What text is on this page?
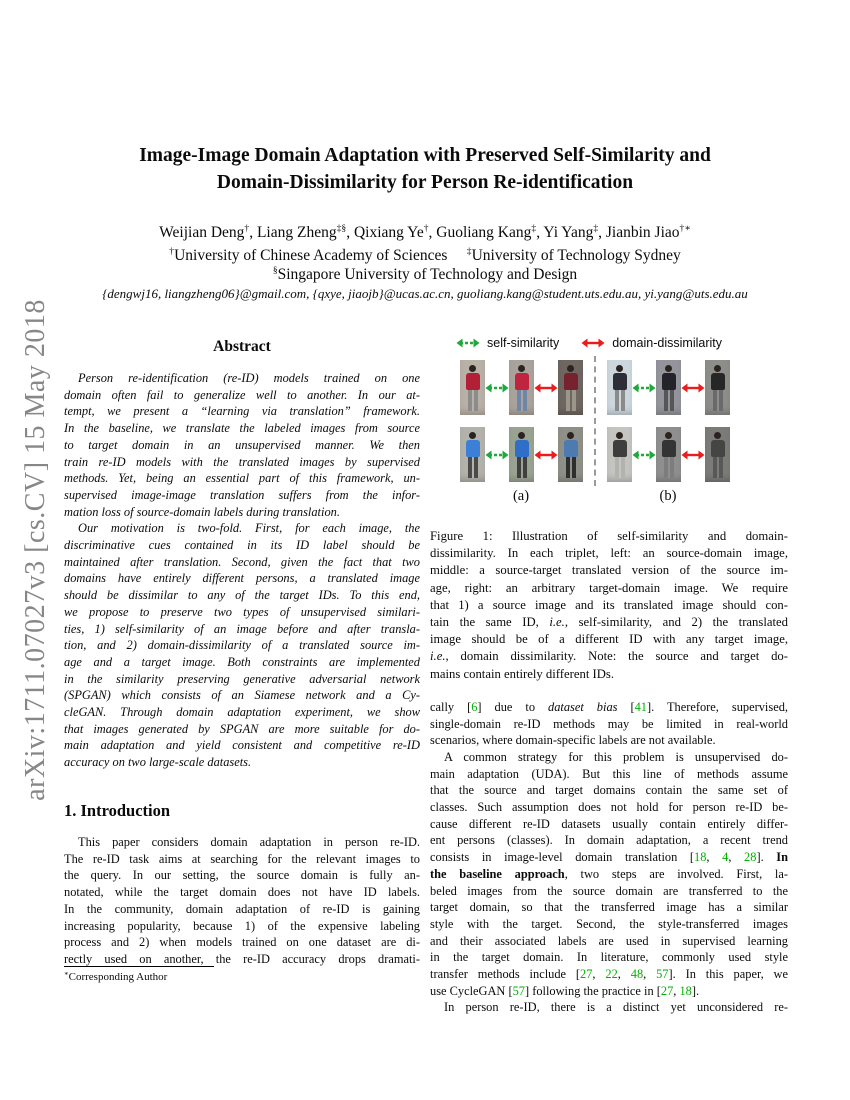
arXiv:1711.07027v3 [cs.CV] 15 May 2018
Image-Image Domain Adaptation with Preserved Self-Similarity and
Domain-Dissimilarity for Person Re-identification
Weijian Deng†, Liang Zheng‡§, Qixiang Ye†, Guoliang Kang‡, Yi Yang‡, Jianbin Jiao†∗
†University of Chinese Academy of Sciences     ‡University of Technology Sydney
§Singapore University of Technology and Design
{dengwj16, liangzheng06}@gmail.com, {qxye, jiaojb}@ucas.ac.cn, guoliang.kang@student.uts.edu.au, yi.yang@uts.edu.au
Abstract
Person re-identification (re-ID) models trained on one
domain often fail to generalize well to another. In our at-
tempt, we present a “learning via translation” framework.
In the baseline, we translate the labeled images from source
to target domain in an unsupervised manner. We then
train re-ID models with the translated images by supervised
methods. Yet, being an essential part of this framework, un-
supervised image-image translation suffers from the infor-
mation loss of source-domain labels during translation.
Our motivation is two-fold. First, for each image, the
discriminative cues contained in its ID label should be
maintained after translation. Second, given the fact that two
domains have entirely different persons, a translated image
should be dissimilar to any of the target IDs. To this end,
we propose to preserve two types of unsupervised similari-
ties, 1) self-similarity of an image before and after transla-
tion, and 2) domain-dissimilarity of a translated source im-
age and a target image. Both constraints are implemented
in the similarity preserving generative adversarial network
(SPGAN) which consists of an Siamese network and a Cy-
cleGAN. Through domain adaptation experiment, we show
that images generated by SPGAN are more suitable for do-
main adaptation and yield consistent and competitive re-ID
accuracy on two large-scale datasets.
1. Introduction
This paper considers domain adaptation in person re-ID.
The re-ID task aims at searching for the relevant images to
the query. In our setting, the source domain is fully an-
notated, while the target domain does not have ID labels.
In the community, domain adaptation of re-ID is gaining
increasing popularity, because 1) of the expensive labeling
process and 2) when models trained on one dataset are di-
rectly used on another, the re-ID accuracy drops dramati-
∗Corresponding Author
self-similarity	domain-dissimilarity
(a)	(b)
Figure 1: Illustration of self-similarity and domain-
dissimilarity. In each triplet, left: an source-domain image,
middle: a source-target translated version of the source im-
age, right: an arbitrary target-domain image. We require
that 1) a source image and its translated image should con-
tain the same ID, i.e., self-similarity, and 2) the translated
image should be of a different ID with any target image,
i.e., domain dissimilarity. Note: the source and target do-
mains contain entirely different IDs.
cally [6] due to dataset bias [41]. Therefore, supervised,
single-domain re-ID methods may be limited in real-world
scenarios, where domain-specific labels are not available.
A common strategy for this problem is unsupervised do-
main adaptation (UDA). But this line of methods assume
that the source and target domains contain the same set of
classes. Such assumption does not hold for person re-ID be-
cause different re-ID datasets usually contain entirely differ-
ent persons (classes). In domain adaptation, a recent trend
consists in image-level domain translation [18, 4, 28]. In
the baseline approach, two steps are involved. First, la-
beled images from the source domain are transferred to the
target domain, so that the transferred image has a similar
style with the target. Second, the style-transferred images
and their associated labels are used in supervised learning
in the target domain. In literature, commonly used style
transfer methods include [27, 22, 48, 57]. In this paper, we
use CycleGAN [57] following the practice in [27, 18].
In person re-ID, there is a distinct yet unconsidered re-
